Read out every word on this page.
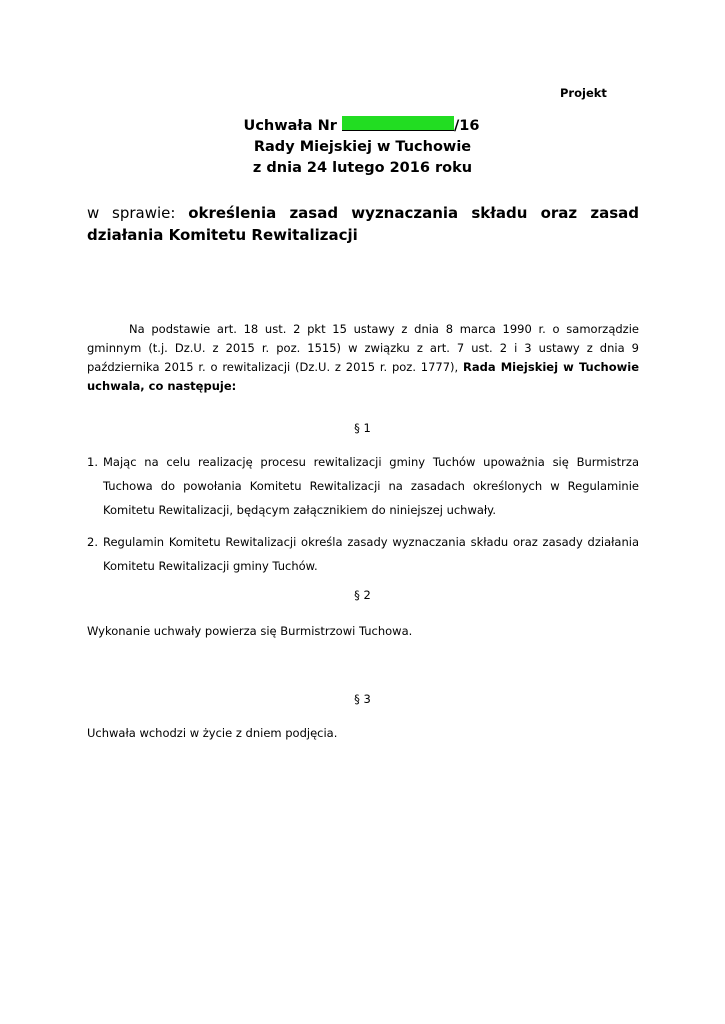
Projekt
Uchwała Nr	/16
Rady Miejskiej w Tuchowie
z dnia 24 lutego 2016 roku
w sprawie: określenia zasad wyznaczania składu oraz zasad działania Komitetu Rewitalizacji
Na podstawie art. 18 ust. 2 pkt 15 ustawy z dnia 8 marca 1990 r. o samorządzie gminnym (t.j. Dz.U. z 2015 r. poz. 1515) w związku z art. 7 ust. 2 i 3 ustawy z dnia 9 października 2015 r. o rewitalizacji (Dz.U. z 2015 r. poz. 1777), Rada Miejskiej w Tuchowie uchwala, co następuje:
§ 1
1. Mając na celu realizację procesu rewitalizacji gminy Tuchów upoważnia się Burmistrza Tuchowa do powołania Komitetu Rewitalizacji na zasadach określonych w Regulaminie Komitetu Rewitalizacji, będącym załącznikiem do niniejszej uchwały.
2. Regulamin Komitetu Rewitalizacji określa zasady wyznaczania składu oraz zasady działania Komitetu Rewitalizacji gminy Tuchów.
§ 2
Wykonanie uchwały powierza się Burmistrzowi Tuchowa.
§ 3
Uchwała wchodzi w życie z dniem podjęcia.
